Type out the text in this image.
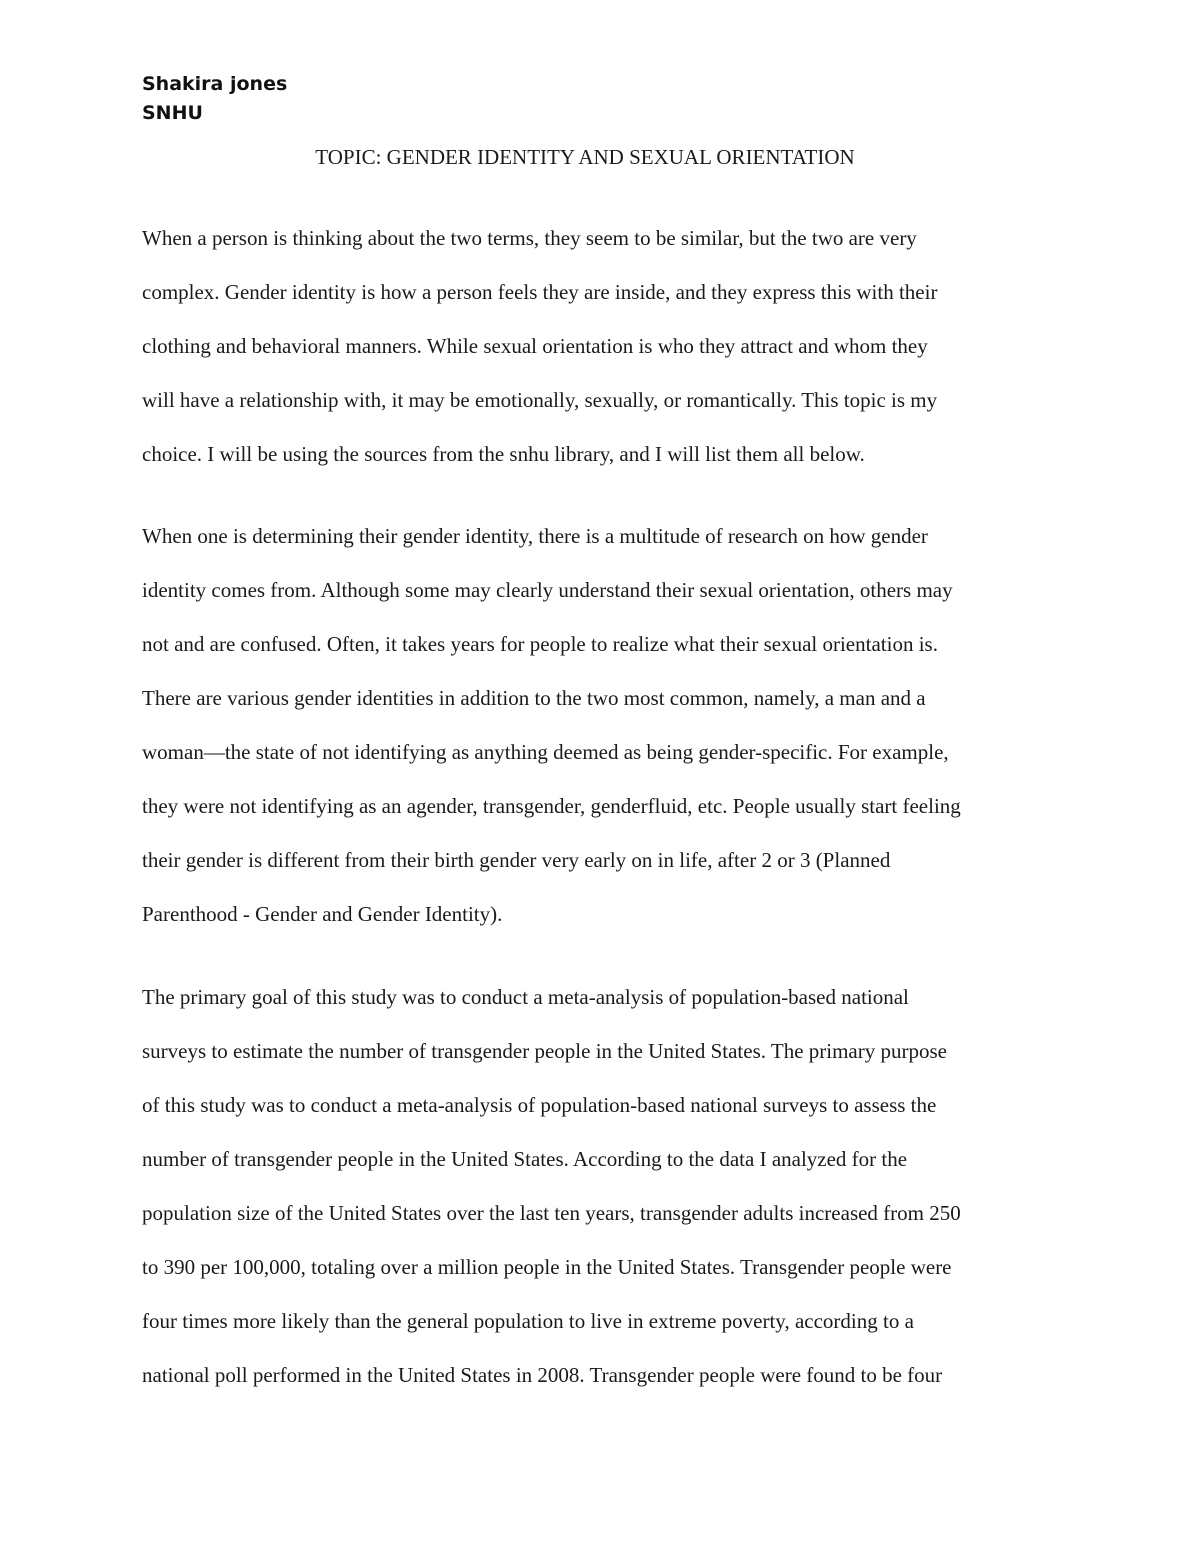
Shakira jones
SNHU
TOPIC: GENDER IDENTITY AND SEXUAL ORIENTATION
When a person is thinking about the two terms, they seem to be similar, but the two are very
complex. Gender identity is how a person feels they are inside, and they express this with their
clothing and behavioral manners. While sexual orientation is who they attract and whom they
will have a relationship with, it may be emotionally, sexually, or romantically. This topic is my
choice. I will be using the sources from the snhu library, and I will list them all below.
When one is determining their gender identity, there is a multitude of research on how gender
identity comes from. Although some may clearly understand their sexual orientation, others may
not and are confused. Often, it takes years for people to realize what their sexual orientation is.
There are various gender identities in addition to the two most common, namely, a man and a
woman—the state of not identifying as anything deemed as being gender-specific. For example,
they were not identifying as an agender, transgender, genderfluid, etc. People usually start feeling
their gender is different from their birth gender very early on in life, after 2 or 3 (Planned
Parenthood - Gender and Gender Identity).
The primary goal of this study was to conduct a meta-analysis of population-based national
surveys to estimate the number of transgender people in the United States. The primary purpose
of this study was to conduct a meta-analysis of population-based national surveys to assess the
number of transgender people in the United States. According to the data I analyzed for the
population size of the United States over the last ten years, transgender adults increased from 250
to 390 per 100,000, totaling over a million people in the United States. Transgender people were
four times more likely than the general population to live in extreme poverty, according to a
national poll performed in the United States in 2008. Transgender people were found to be four
